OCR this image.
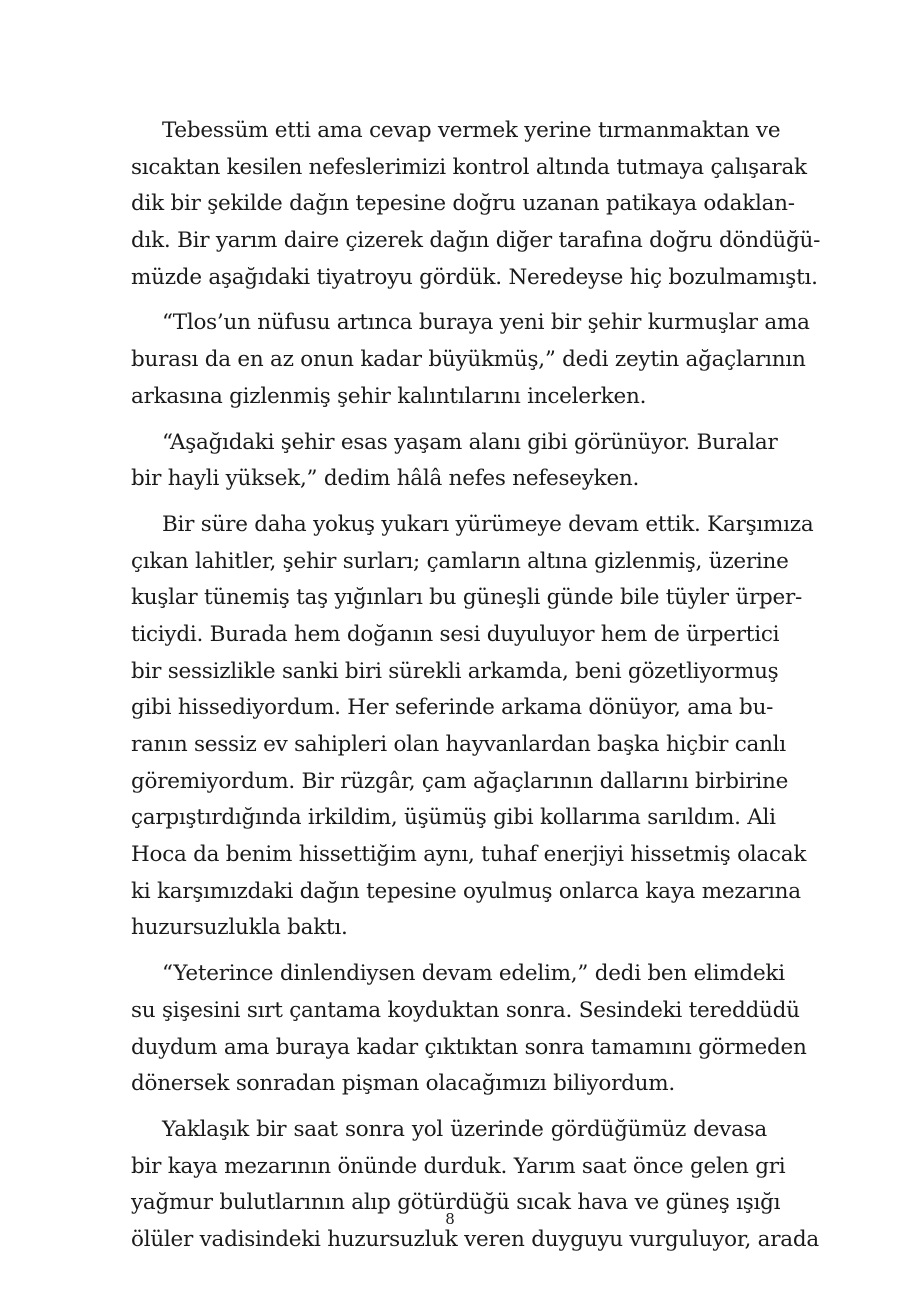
Tebessüm etti ama cevap vermek yerine tırmanmaktan ve
sıcaktan kesilen nefeslerimizi kontrol altında tutmaya çalışarak
dik bir şekilde dağın tepesine doğru uzanan patikaya odaklan-
dık. Bir yarım daire çizerek dağın diğer tarafına doğru döndüğü-
müzde aşağıdaki tiyatroyu gördük. Neredeyse hiç bozulmamıştı.
“Tlos’un nüfusu artınca buraya yeni bir şehir kurmuşlar ama
burası da en az onun kadar büyükmüş,” dedi zeytin ağaçlarının
arkasına gizlenmiş şehir kalıntılarını incelerken.
“Aşağıdaki şehir esas yaşam alanı gibi görünüyor. Buralar
bir hayli yüksek,” dedim hâlâ nefes nefeseyken.
Bir süre daha yokuş yukarı yürümeye devam ettik. Karşımıza
çıkan lahitler, şehir surları; çamların altına gizlenmiş, üzerine
kuşlar tünemiş taş yığınları bu güneşli günde bile tüyler ürper-
ticiydi. Burada hem doğanın sesi duyuluyor hem de ürpertici
bir sessizlikle sanki biri sürekli arkamda, beni gözetliyormuş
gibi hissediyordum. Her seferinde arkama dönüyor, ama bu-
ranın sessiz ev sahipleri olan hayvanlardan başka hiçbir canlı
göremiyordum. Bir rüzgâr, çam ağaçlarının dallarını birbirine
çarpıştırdığında irkildim, üşümüş gibi kollarıma sarıldım. Ali
Hoca da benim hissettiğim aynı, tuhaf enerjiyi hissetmiş olacak
ki karşımızdaki dağın tepesine oyulmuş onlarca kaya mezarına
huzursuzlukla baktı.
“Yeterince dinlendiysen devam edelim,” dedi ben elimdeki
su şişesini sırt çantama koyduktan sonra. Sesindeki tereddüdü
duydum ama buraya kadar çıktıktan sonra tamamını görmeden
dönersek sonradan pişman olacağımızı biliyordum.
Yaklaşık bir saat sonra yol üzerinde gördüğümüz devasa
bir kaya mezarının önünde durduk. Yarım saat önce gelen gri
yağmur bulutlarının alıp götürdüğü sıcak hava ve güneş ışığı
ölüler vadisindeki huzursuzluk veren duyguyu vurguluyor, arada
8
